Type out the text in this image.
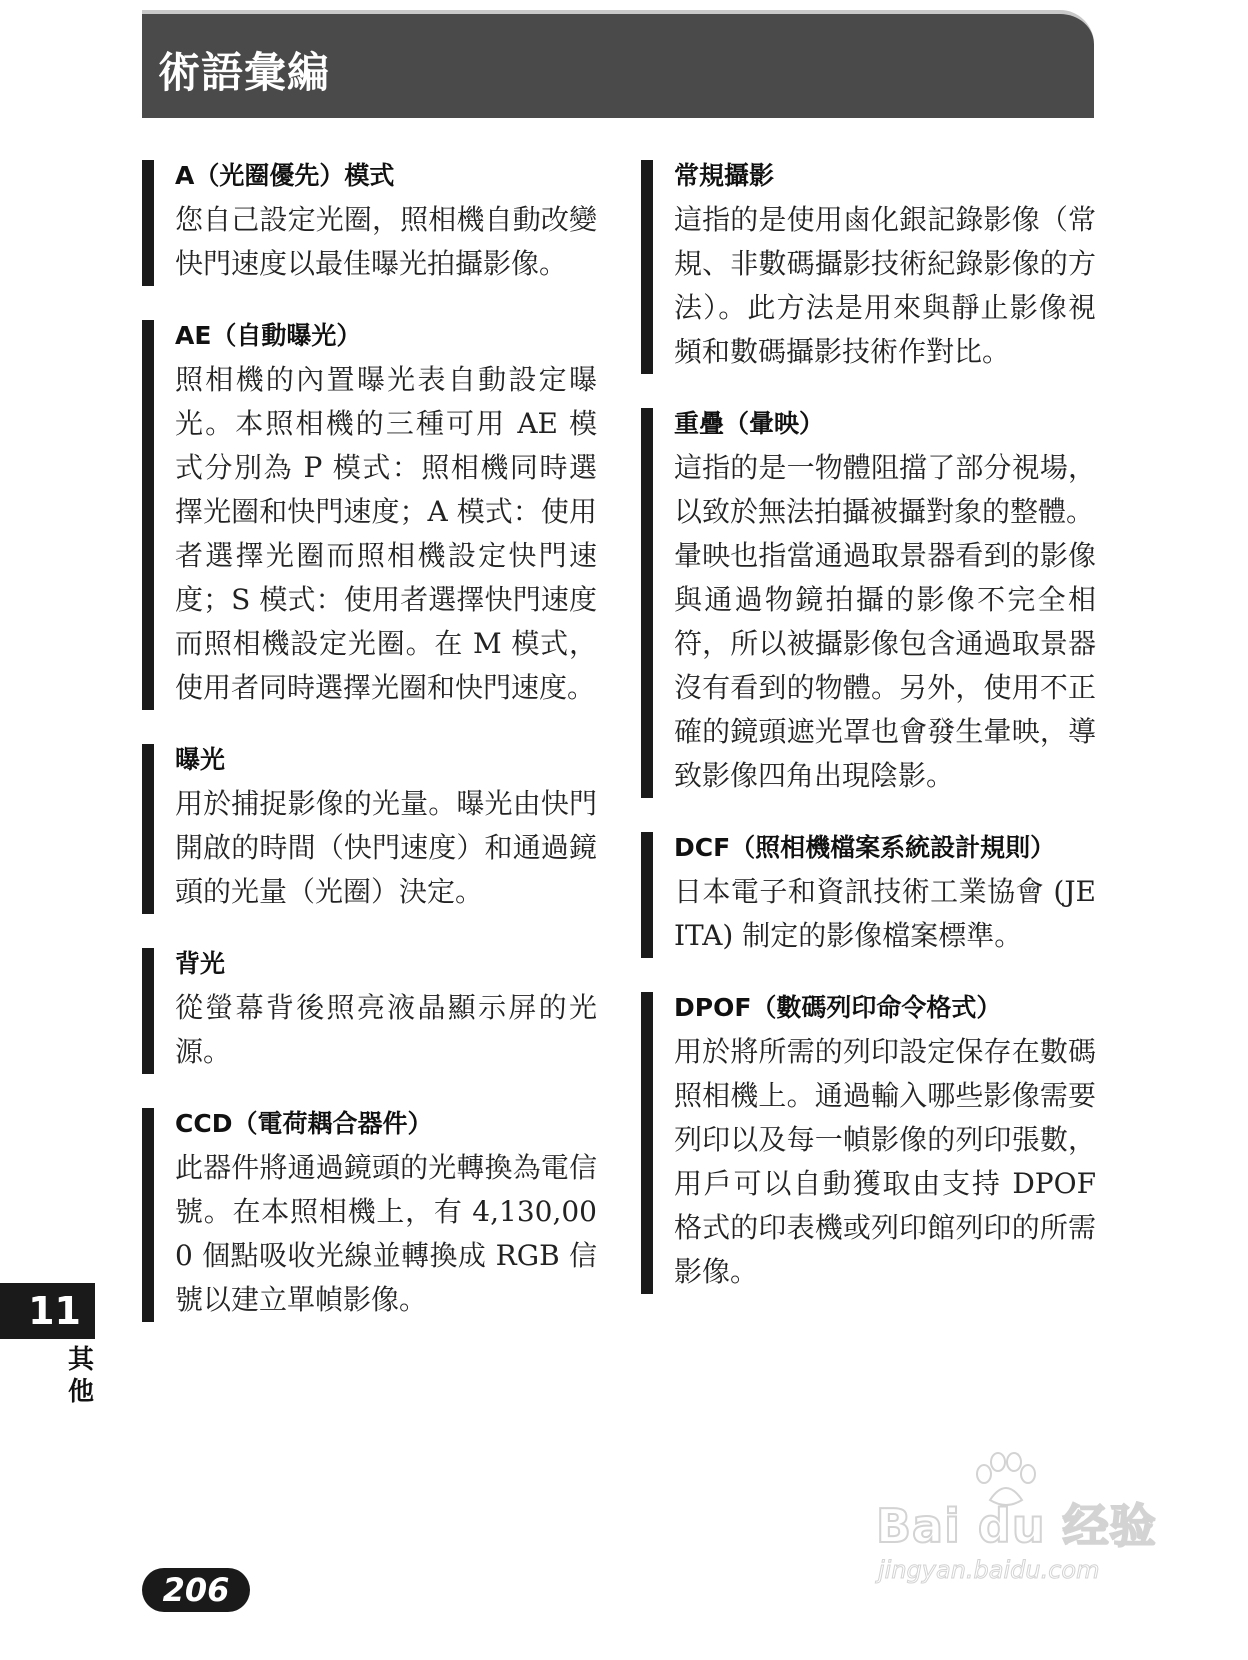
術語彙編

A（光圈優先）模式

您自己設定光圈，照相機自動改變快門速度以最佳曝光拍攝影像。

AE（自動曝光）

照相機的內置曝光表自動設定曝光。本照相機的三種可用 AE 模式分別為 P 模式：照相機同時選擇光圈和快門速度；A 模式：使用者選擇光圈而照相機設定快門速度；S 模式：使用者選擇快門速度而照相機設定光圈。在 M 模式，使用者同時選擇光圈和快門速度。

曝光

用於捕捉影像的光量。曝光由快門開啟的時間（快門速度）和通過鏡頭的光量（光圈）決定。

背光

從螢幕背後照亮液晶顯示屏的光源。

CCD（電荷耦合器件）

此器件將通過鏡頭的光轉換為電信號。在本照相機上，有 4,130,000 個點吸收光線並轉換成 RGB 信號以建立單幀影像。

常規攝影

這指的是使用鹵化銀記錄影像（常規、非數碼攝影技術紀錄影像的方法）。此方法是用來與靜止影像視頻和數碼攝影技術作對比。

重疊（暈映）

這指的是一物體阻擋了部分視場，以致於無法拍攝被攝對象的整體。

暈映也指當通過取景器看到的影像與通過物鏡拍攝的影像不完全相符，所以被攝影像包含通過取景器沒有看到的物體。另外，使用不正確的鏡頭遮光罩也會發生暈映，導致影像四角出現陰影。

DCF（照相機檔案系統設計規則）

日本電子和資訊技術工業協會 (JEITA) 制定的影像檔案標準。

DPOF（數碼列印命令格式）

用於將所需的列印設定保存在數碼照相機上。通過輸入哪些影像需要列印以及每一幀影像的列印張數，用戶可以自動獲取由支持 DPOF 格式的印表機或列印館列印的所需影像。

11
其他
206
Bai du 经验
jingyan.baidu.com
